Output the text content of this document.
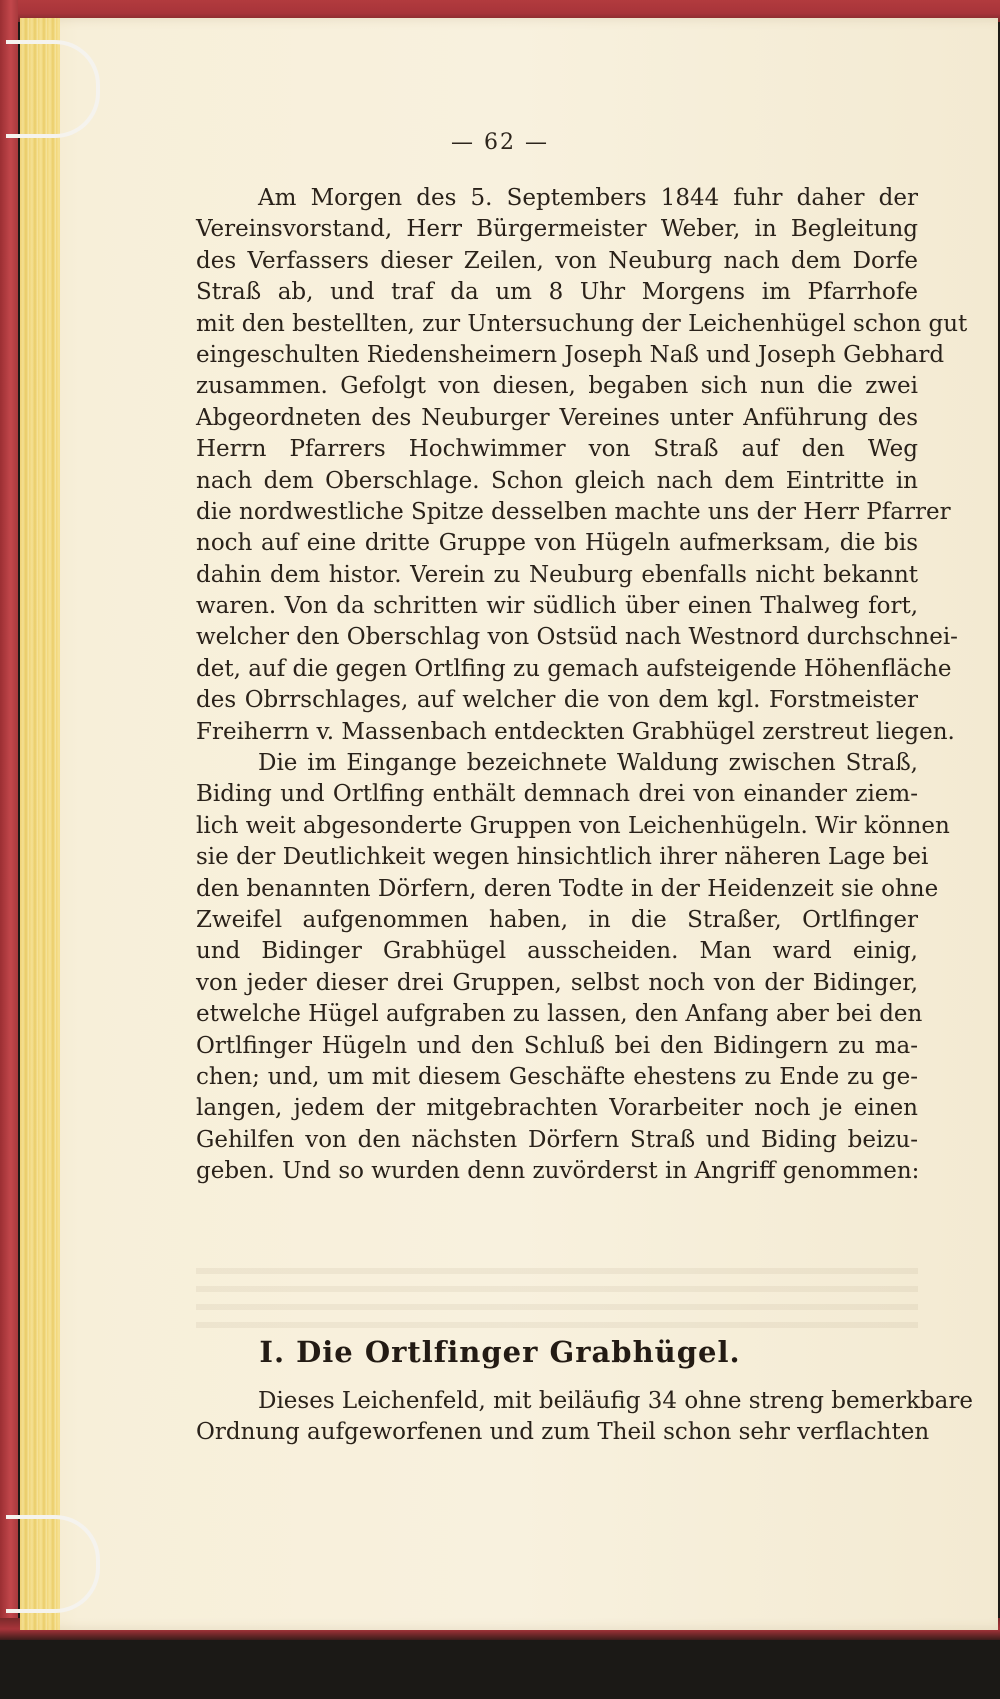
— 62 —
Am Morgen des 5. Septembers 1844 fuhr daher der
Vereinsvorstand, Herr Bürgermeister Weber, in Begleitung
des Verfassers dieser Zeilen, von Neuburg nach dem Dorfe
Straß ab, und traf da um 8 Uhr Morgens im Pfarrhofe
mit den bestellten, zur Untersuchung der Leichenhügel schon gut
eingeschulten Riedensheimern Joseph Naß und Joseph Gebhard
zusammen. Gefolgt von diesen, begaben sich nun die zwei
Abgeordneten des Neuburger Vereines unter Anführung des
Herrn Pfarrers Hochwimmer von Straß auf den Weg
nach dem Oberschlage. Schon gleich nach dem Eintritte in
die nordwestliche Spitze desselben machte uns der Herr Pfarrer
noch auf eine dritte Gruppe von Hügeln aufmerksam, die bis
dahin dem histor. Verein zu Neuburg ebenfalls nicht bekannt
waren. Von da schritten wir südlich über einen Thalweg fort,
welcher den Oberschlag von Ostsüd nach Westnord durchschnei-
det, auf die gegen Ortlfing zu gemach aufsteigende Höhenfläche
des Obrrschlages, auf welcher die von dem kgl. Forstmeister
Freiherrn v. Massenbach entdeckten Grabhügel zerstreut liegen.
Die im Eingange bezeichnete Waldung zwischen Straß,
Biding und Ortlfing enthält demnach drei von einander ziem-
lich weit abgesonderte Gruppen von Leichenhügeln. Wir können
sie der Deutlichkeit wegen hinsichtlich ihrer näheren Lage bei
den benannten Dörfern, deren Todte in der Heidenzeit sie ohne
Zweifel aufgenommen haben, in die Straßer, Ortlfinger
und Bidinger Grabhügel ausscheiden. Man ward einig,
von jeder dieser drei Gruppen, selbst noch von der Bidinger,
etwelche Hügel aufgraben zu lassen, den Anfang aber bei den
Ortlfinger Hügeln und den Schluß bei den Bidingern zu ma-
chen; und, um mit diesem Geschäfte ehestens zu Ende zu ge-
langen, jedem der mitgebrachten Vorarbeiter noch je einen
Gehilfen von den nächsten Dörfern Straß und Biding beizu-
geben. Und so wurden denn zuvörderst in Angriff genommen:
I. Die Ortlfinger Grabhügel.
Dieses Leichenfeld, mit beiläufig 34 ohne streng bemerkbare
Ordnung aufgeworfenen und zum Theil schon sehr verflachten
